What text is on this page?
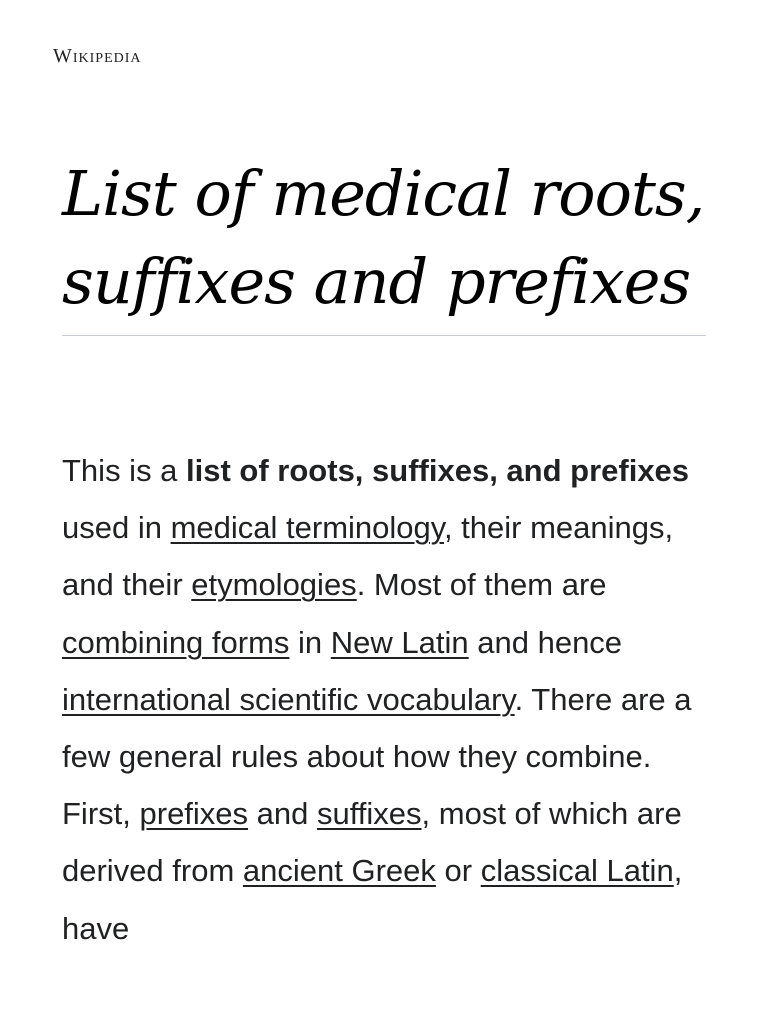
Wikipedia
List of medical roots, suffixes and prefixes

This is a list of roots, suffixes, and prefixes used in medical terminology, their meanings, and their etymologies. Most of them are combining forms in New Latin and hence international scientific vocabulary. There are a few general rules about how they combine. First, prefixes and suffixes, most of which are derived from ancient Greek or classical Latin, have
